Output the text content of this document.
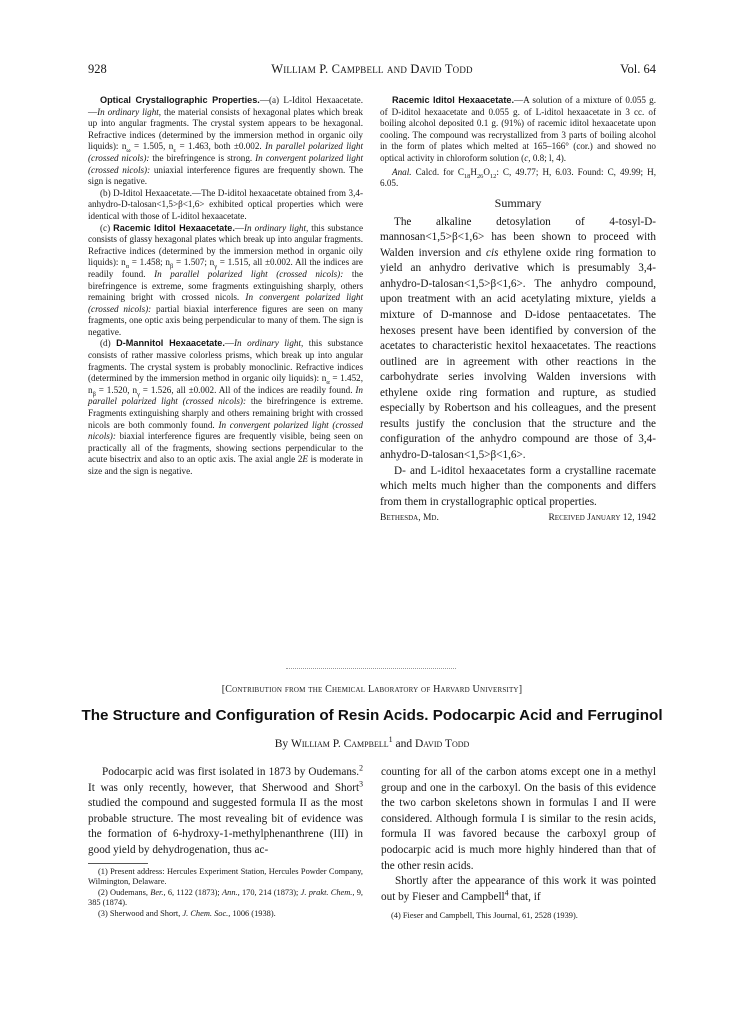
928	William P. Campbell and David Todd	Vol. 64

Optical Crystallographic Properties.—(a) L-Iditol Hexaacetate.—In ordinary light, the material consists of hexagonal plates which break up into angular fragments. The crystal system appears to be hexagonal. Refractive indices (determined by the immersion method in organic oily liquids): $n_\omega = 1.505$, $n_\varepsilon = 1.463$, both ±0.002. In parallel polarized light (crossed nicols): the birefringence is strong. In convergent polarized light (crossed nicols): uniaxial interference figures are frequently shown. The sign is negative.

(b) D-Iditol Hexaacetate.—The D-iditol hexaacetate obtained from 3,4-anhydro-D-talosan<1,5>β<1,6> exhibited optical properties which were identical with those of L-iditol hexaacetate.

(c) Racemic Iditol Hexaacetate.—In ordinary light, this substance consists of glassy hexagonal plates which break up into angular fragments. Refractive indices (determined by the immersion method in organic oily liquids): $n_\alpha = 1.458$; $n_\beta = 1.507$; $n_\gamma = 1.515$, all ±0.002. All the indices are readily found. In parallel polarized light (crossed nicols): the birefringence is extreme, some fragments extinguishing sharply, others remaining bright with crossed nicols. In convergent polarized light (crossed nicols): partial biaxial interference figures are seen on many fragments, one optic axis being perpendicular to many of them. The sign is negative.

(d) D-Mannitol Hexaacetate.—In ordinary light, this substance consists of rather massive colorless prisms, which break up into angular fragments. The crystal system is probably monoclinic. Refractive indices (determined by the immersion method in organic oily liquids): $n_\alpha = 1.452$, $n_\beta = 1.520$, $n_\gamma = 1.526$, all ±0.002. All of the indices are readily found. In parallel polarized light (crossed nicols): the birefringence is extreme. Fragments extinguishing sharply and others remaining bright with crossed nicols are both commonly found. In convergent polarized light (crossed nicols): biaxial interference figures are frequently visible, being seen on practically all of the fragments, showing sections perpendicular to the acute bisectrix and also to an optic axis. The axial angle 2E is moderate in size and the sign is negative.

Racemic Iditol Hexaacetate.—A solution of a mixture of 0.055 g. of D-iditol hexaacetate and 0.055 g. of L-iditol hexaacetate in 3 cc. of boiling alcohol deposited 0.1 g. (91%) of racemic iditol hexaacetate upon cooling. The compound was recrystallized from 3 parts of boiling alcohol in the form of plates which melted at 165–166° (cor.) and showed no optical activity in chloroform solution (c, 0.8; l, 4).

Anal. Calcd. for $C_{18}H_{26}O_{12}$: C, 49.77; H, 6.03. Found: C, 49.99; H, 6.05.

Summary

The alkaline detosylation of 4-tosyl-D-mannosan<1,5>β<1,6> has been shown to proceed with Walden inversion and cis ethylene oxide ring formation to yield an anhydro derivative which is presumably 3,4-anhydro-D-talosan<1,5>β<1,6>. The anhydro compound, upon treatment with an acid acetylating mixture, yields a mixture of D-mannose and D-idose pentaacetates. The hexoses present have been identified by conversion of the acetates to characteristic hexitol hexaacetates. The reactions outlined are in agreement with other reactions in the carbohydrate series involving Walden inversions with ethylene oxide ring formation and rupture, as studied especially by Robertson and his colleagues, and the present results justify the conclusion that the structure and the configuration of the anhydro compound are those of 3,4-anhydro-D-talosan<1,5>β<1,6>.

D- and L-iditol hexaacetates form a crystalline racemate which melts much higher than the components and differs from them in crystallographic optical properties.

Bethesda, Md.	Received January 12, 1942
[Contribution from the Chemical Laboratory of Harvard University]
The Structure and Configuration of Resin Acids. Podocarpic Acid and Ferruginol
By William P. Campbell$^1$ and David Todd

Podocarpic acid was first isolated in 1873 by Oudemans.$^2$ It was only recently, however, that Sherwood and Short$^3$ studied the compound and suggested formula II as the most probable structure. The most revealing bit of evidence was the formation of 6-hydroxy-1-methylphenanthrene (III) in good yield by dehydrogenation, thus ac-

(1) Present address: Hercules Experiment Station, Hercules Powder Company, Wilmington, Delaware.

(2) Oudemans, Ber., 6, 1122 (1873); Ann., 170, 214 (1873); J. prakt. Chem., 9, 385 (1874).

(3) Sherwood and Short, J. Chem. Soc., 1006 (1938).

counting for all of the carbon atoms except one in a methyl group and one in the carboxyl. On the basis of this evidence the two carbon skeletons shown in formulas I and II were considered. Although formula I is similar to the resin acids, formula II was favored because the carboxyl group of podocarpic acid is much more highly hindered than that of the other resin acids.

Shortly after the appearance of this work it was pointed out by Fieser and Campbell$^4$ that, if

(4) Fieser and Campbell, This Journal, 61, 2528 (1939).
